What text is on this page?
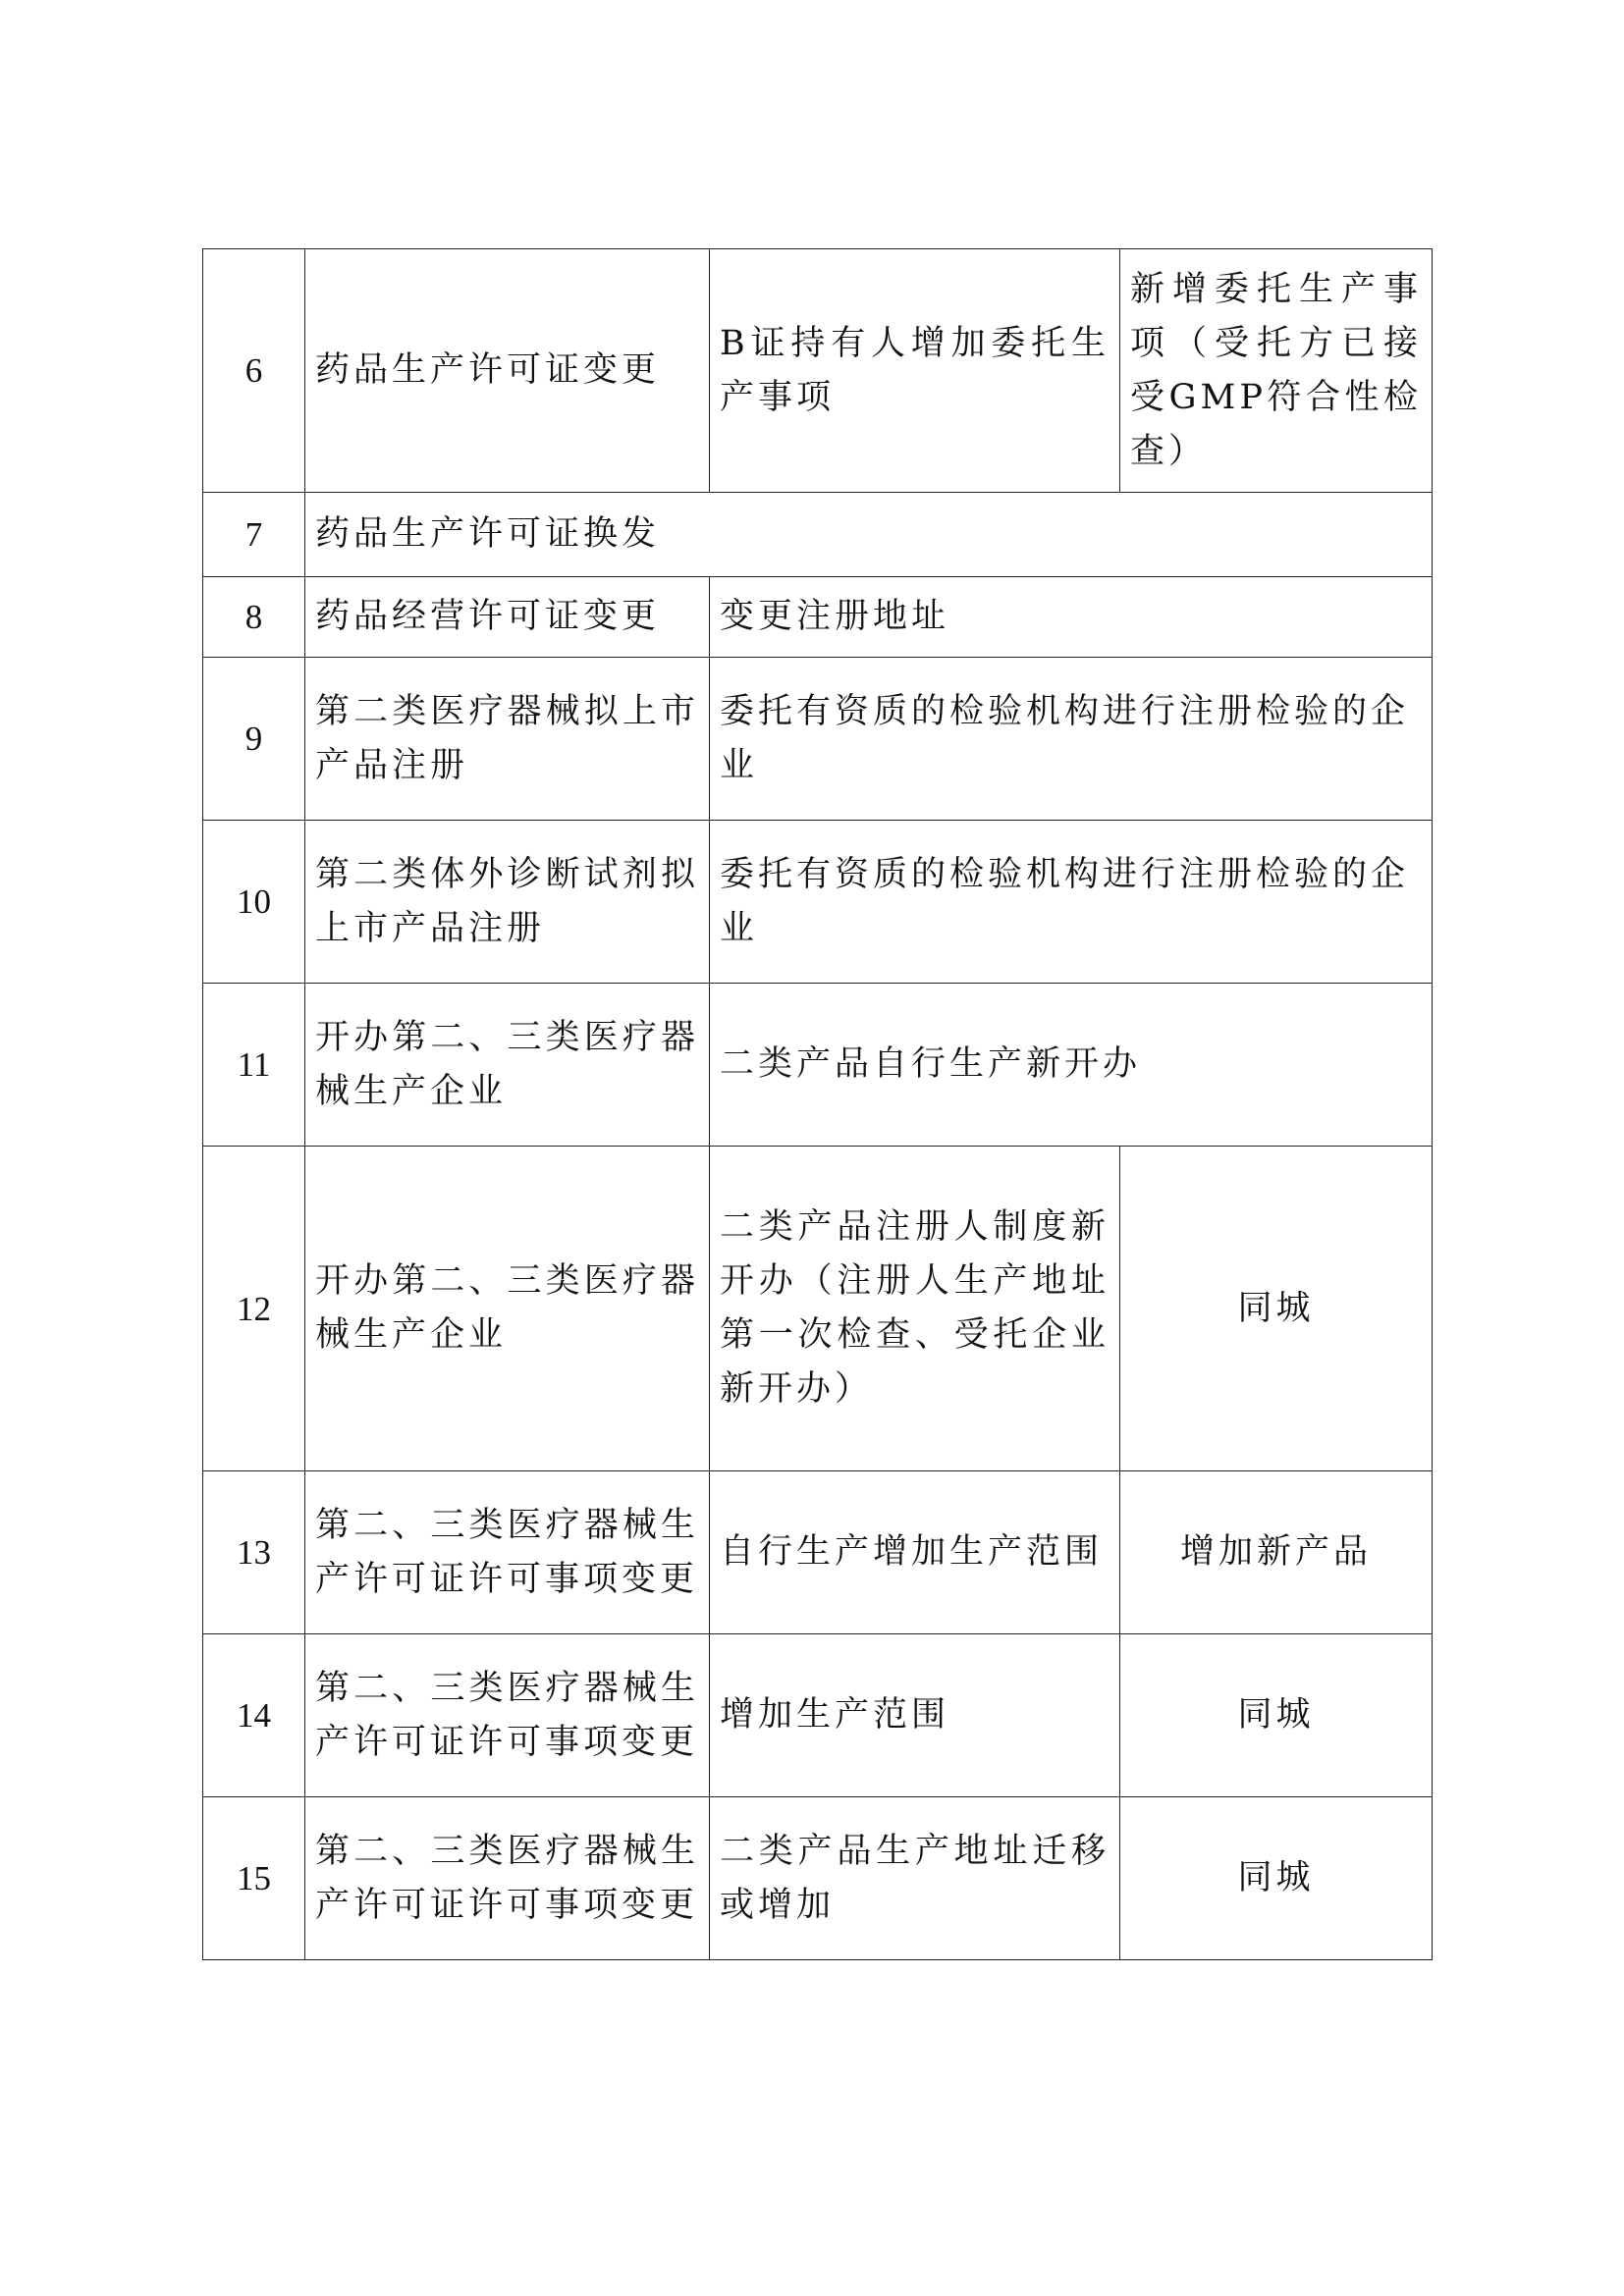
6	药品生产许可证变更	B证持有人增加委托生产事项	新增委托生产事项（受托方已接受GMP符合性检查）
7	药品生产许可证换发		
8	药品经营许可证变更	变更注册地址	
9	第二类医疗器械拟上市产品注册	委托有资质的检验机构进行注册检验的企业	
10	第二类体外诊断试剂拟上市产品注册	委托有资质的检验机构进行注册检验的企业	
11	开办第二、三类医疗器械生产企业	二类产品自行生产新开办	
12	开办第二、三类医疗器械生产企业	二类产品注册人制度新开办（注册人生产地址第一次检查、受托企业新开办）	同城
13	第二、三类医疗器械生产许可证许可事项变更	自行生产增加生产范围	增加新产品
14	第二、三类医疗器械生产许可证许可事项变更	增加生产范围	同城
15	第二、三类医疗器械生产许可证许可事项变更	二类产品生产地址迁移或增加	同城
